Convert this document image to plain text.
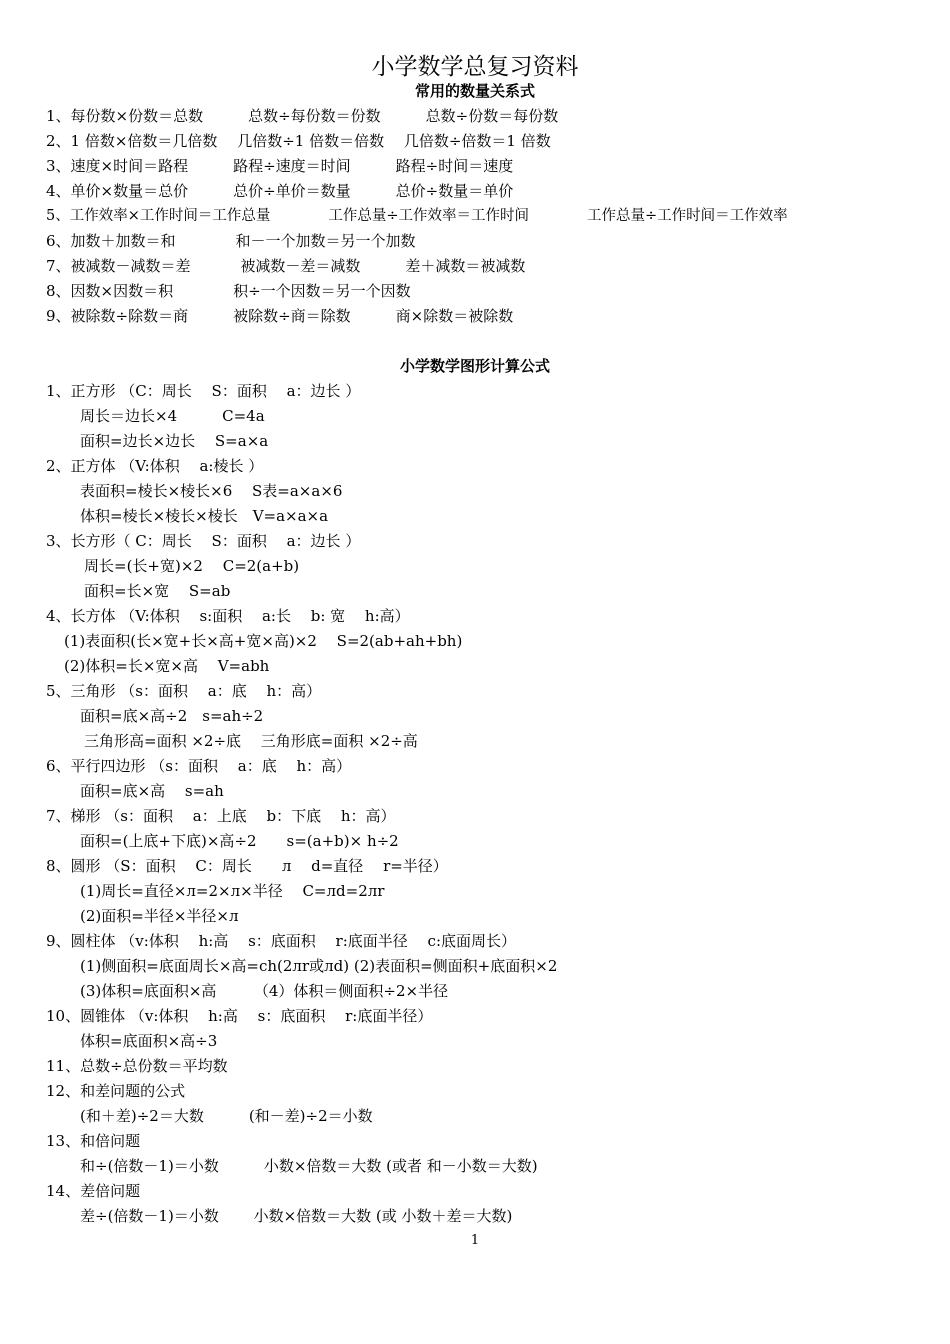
小学数学总复习资料
常用的数量关系式
1、每份数×份数＝总数　　　总数÷每份数＝份数　　　总数÷份数＝每份数
2、1 倍数×倍数＝几倍数　 几倍数÷1 倍数＝倍数　 几倍数÷倍数＝1 倍数
3、速度×时间＝路程　　　路程÷速度＝时间　　　路程÷时间＝速度
4、单价×数量＝总价　　　总价÷单价＝数量　　　总价÷数量＝单价
5、工作效率×工作时间＝工作总量　　　　工作总量÷工作效率＝工作时间　　　　工作总量÷工作时间＝工作效率
6、加数＋加数＝和　　　　和－一个加数＝另一个加数
7、被减数－减数＝差　　　 被减数－差＝减数　　　差＋减数＝被减数
8、因数×因数＝积　　　　积÷一个因数＝另一个因数
9、被除数÷除数＝商　　　被除数÷商＝除数　　　商×除数＝被除数
小学数学图形计算公式
1、正方形 （C：周长　 S：面积　 a：边长 ）
周长＝边长×4　　　C=4a
面积=边长×边长　 S=a×a
2、正方体 （V:体积　 a:棱长 ）
表面积=棱长×棱长×6　 S表=a×a×6
体积=棱长×棱长×棱长　V=a×a×a
3、长方形（ C：周长　 S：面积　 a：边长 ）
周长=(长+宽)×2　 C=2(a+b)
面积=长×宽　 S=ab
4、长方体 （V:体积　 s:面积　 a:长　 b: 宽　 h:高）
(1)表面积(长×宽+长×高+宽×高)×2　 S=2(ab+ah+bh)
(2)体积=长×宽×高　 V=abh
5、三角形 （s：面积　 a：底　 h：高）
面积=底×高÷2　s=ah÷2
三角形高=面积 ×2÷底　 三角形底=面积 ×2÷高
6、平行四边形 （s：面积　 a：底　 h：高）
面积=底×高　 s=ah
7、梯形 （s：面积　 a：上底　 b：下底　 h：高）
面积=(上底+下底)×高÷2　　s=(a+b)× h÷2
8、圆形 （S：面积　 C：周长　　л　 d=直径　 r=半径）
(1)周长=直径×л=2×л×半径　 C=лd=2лr
(2)面积=半径×半径×л
9、圆柱体 （v:体积　 h:高　 s：底面积　 r:底面半径　 c:底面周长）
(1)侧面积=底面周长×高=ch(2лr或лd) (2)表面积=侧面积+底面积×2
(3)体积=底面积×高　　　（4）体积＝侧面积÷2×半径
10、圆锥体 （v:体积　 h:高　 s：底面积　 r:底面半径）
体积=底面积×高÷3
11、总数÷总份数＝平均数
12、和差问题的公式
(和＋差)÷2＝大数　　　(和－差)÷2＝小数
13、和倍问题
和÷(倍数－1)＝小数　　　小数×倍数＝大数 (或者 和－小数＝大数)
14、差倍问题
差÷(倍数－1)＝小数　　 小数×倍数＝大数 (或 小数＋差＝大数)
1
